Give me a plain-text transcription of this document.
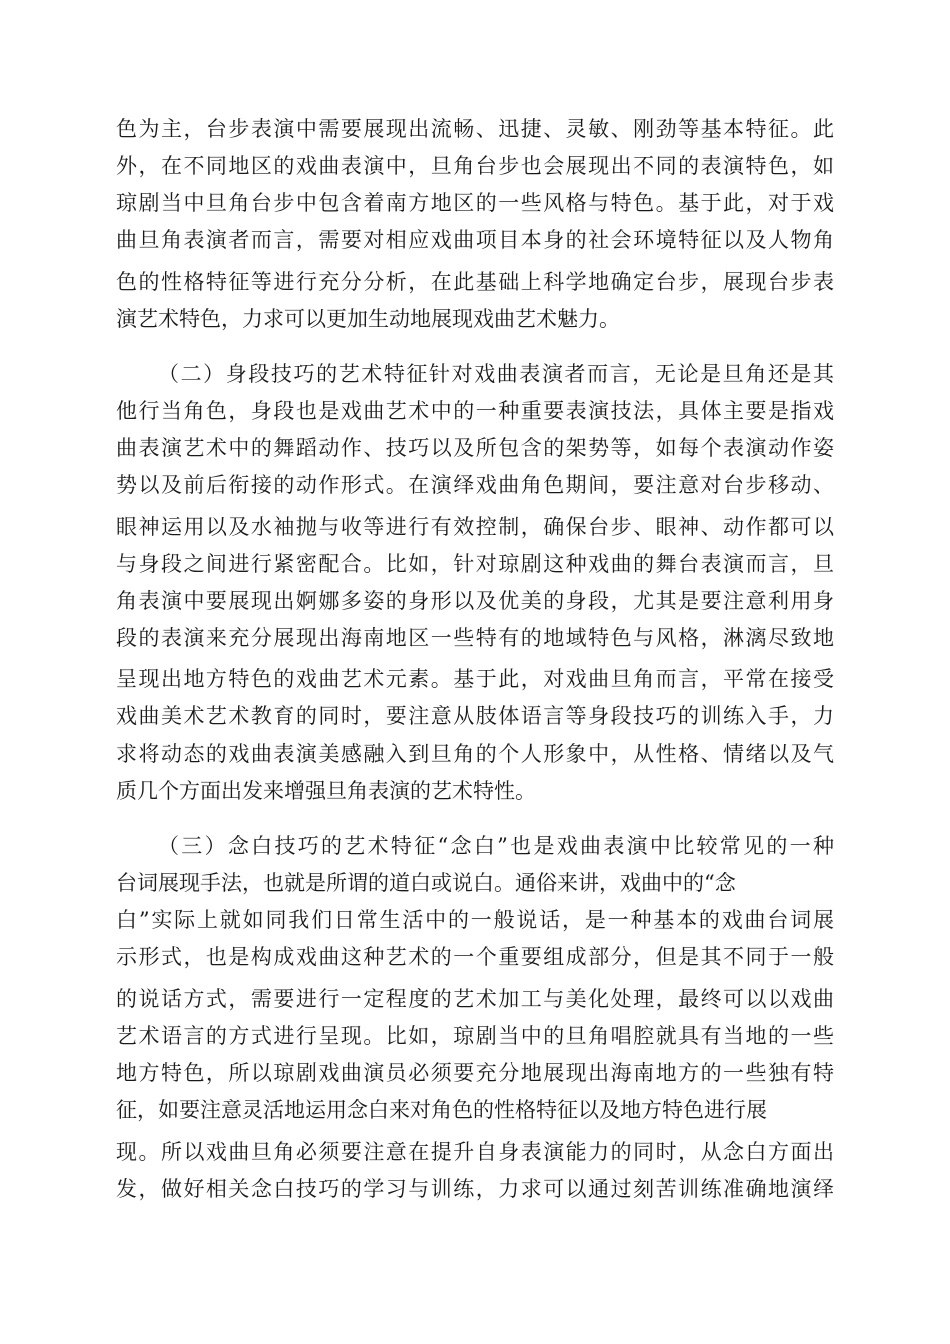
色为主，台步表演中需要展现出流畅、迅捷、灵敏、刚劲等基本特征。此
外，在不同地区的戏曲表演中，旦角台步也会展现出不同的表演特色，如
琼剧当中旦角台步中包含着南方地区的一些风格与特色。基于此，对于戏
曲旦角表演者而言，需要对相应戏曲项目本身的社会环境特征以及人物角
色的性格特征等进行充分分析，在此基础上科学地确定台步，展现台步表
演艺术特色，力求可以更加生动地展现戏曲艺术魅力。
（二）身段技巧的艺术特征针对戏曲表演者而言，无论是旦角还是其
他行当角色，身段也是戏曲艺术中的一种重要表演技法，具体主要是指戏
曲表演艺术中的舞蹈动作、技巧以及所包含的架势等，如每个表演动作姿
势以及前后衔接的动作形式。在演绎戏曲角色期间，要注意对台步移动、
眼神运用以及水袖抛与收等进行有效控制，确保台步、眼神、动作都可以
与身段之间进行紧密配合。比如，针对琼剧这种戏曲的舞台表演而言，旦
角表演中要展现出婀娜多姿的身形以及优美的身段，尤其是要注意利用身
段的表演来充分展现出海南地区一些特有的地域特色与风格，淋漓尽致地
呈现出地方特色的戏曲艺术元素。基于此，对戏曲旦角而言，平常在接受
戏曲美术艺术教育的同时，要注意从肢体语言等身段技巧的训练入手，力
求将动态的戏曲表演美感融入到旦角的个人形象中，从性格、情绪以及气
质几个方面出发来增强旦角表演的艺术特性。
（三）念白技巧的艺术特征“念白”也是戏曲表演中比较常见的一种
台词展现手法，也就是所谓的道白或说白。通俗来讲，戏曲中的“念
白”实际上就如同我们日常生活中的一般说话，是一种基本的戏曲台词展
示形式，也是构成戏曲这种艺术的一个重要组成部分，但是其不同于一般
的说话方式，需要进行一定程度的艺术加工与美化处理，最终可以以戏曲
艺术语言的方式进行呈现。比如，琼剧当中的旦角唱腔就具有当地的一些
地方特色，所以琼剧戏曲演员必须要充分地展现出海南地方的一些独有特
征，如要注意灵活地运用念白来对角色的性格特征以及地方特色进行展
现。所以戏曲旦角必须要注意在提升自身表演能力的同时，从念白方面出
发，做好相关念白技巧的学习与训练，力求可以通过刻苦训练准确地演绎
